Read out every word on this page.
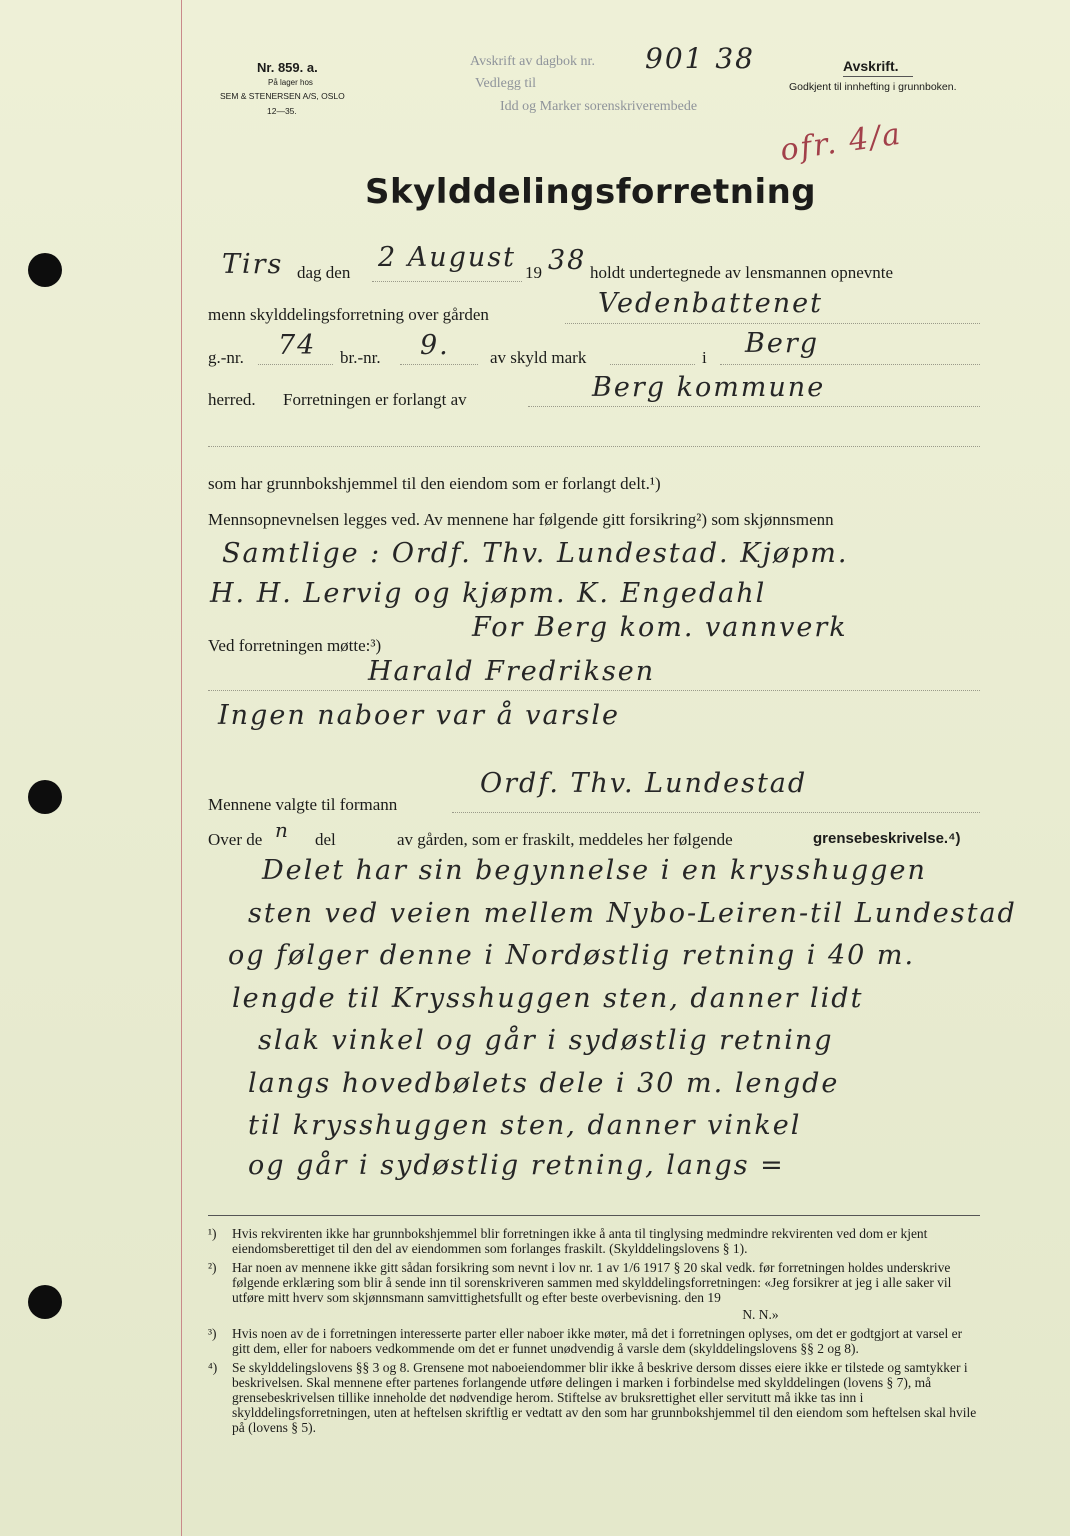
Nr. 859. a.
På lager hos
SEM & STENERSEN A/S, OSLO
12—35.
Avskrift av dagbok nr.
Vedlegg til
Idd og Marker sorenskriverembede
901 38	Avskrift.
Godkjent til innhefting i grunnboken.
ofr. 4/a
Skylddelingsforretning
Tirs dag den 2 August 19 38 holdt undertegnede av lensmannen opnevnte
menn skylddelingsforretning over gården	Vedenbattenet
g.-nr. 74 br.-nr. 9. av skyld mark	i Berg
herred. Forretningen er forlangt av	Berg kommune
som har grunnbokshjemmel til den eiendom som er forlangt delt.¹)
Mennsopnevnelsen legges ved. Av mennene har følgende gitt forsikring²) som skjønnsmenn
Samtlige : Ordf. Thv. Lundestad. Kjøpm.
H. H. Lervig og kjøpm. K. Engedahl
Ved forretningen møtte:³)
For Berg kom. vannverk
Harald Fredriksen
Ingen naboer var å varsle
Mennene valgte til formann
Ordf. Thv. Lundestad
Over de n del	av gården, som er fraskilt, meddeles her følgende	grensebeskrivelse.⁴)
Delet har sin begynnelse i en krysshuggen
sten ved veien mellem Nybo-Leiren-til Lundestad
og følger denne i Nordøstlig retning i 40 m.
lengde til Krysshuggen sten, danner lidt
slak vinkel og går i sydøstlig retning
langs hovedbølets dele i 30 m. lengde
til krysshuggen sten, danner vinkel
og går i sydøstlig retning, langs =
¹) Hvis rekvirenten ikke har grunnbokshjemmel blir forretningen ikke å anta til tinglysing medmindre rekvirenten ved dom er kjent eiendomsberettiget til den del av eiendommen som forlanges fraskilt. (Skylddelingslovens § 1).
²) Har noen av mennene ikke gitt sådan forsikring som nevnt i lov nr. 1 av 1/6 1917 § 20 skal vedk. før forretningen holdes underskrive følgende erklæring som blir å sende inn til sorenskriveren sammen med skylddelingsforretningen: «Jeg forsikrer at jeg i alle saker vil utføre mitt hverv som skjønnsmann samvittighetsfullt og efter beste overbevisning. den 19
N. N.»
³) Hvis noen av de i forretningen interesserte parter eller naboer ikke møter, må det i forretningen oplyses, om det er godtgjort at varsel er gitt dem, eller for naboers vedkommende om det er funnet unødvendig å varsle dem (skylddelingslovens §§ 2 og 8).
⁴) Se skylddelingslovens §§ 3 og 8. Grensene mot naboeiendommer blir ikke å beskrive dersom disses eiere ikke er tilstede og samtykker i beskrivelsen. Skal mennene efter partenes forlangende utføre delingen i marken i forbindelse med skylddelingen (lovens § 7), må grensebeskrivelsen tillike inneholde det nødvendige herom. Stiftelse av bruksrettighet eller servitutt må ikke tas inn i skylddelingsforretningen, uten at heftelsen skriftlig er vedtatt av den som har grunnbokshjemmel til den eiendom som heftelsen skal hvile på (lovens § 5).
